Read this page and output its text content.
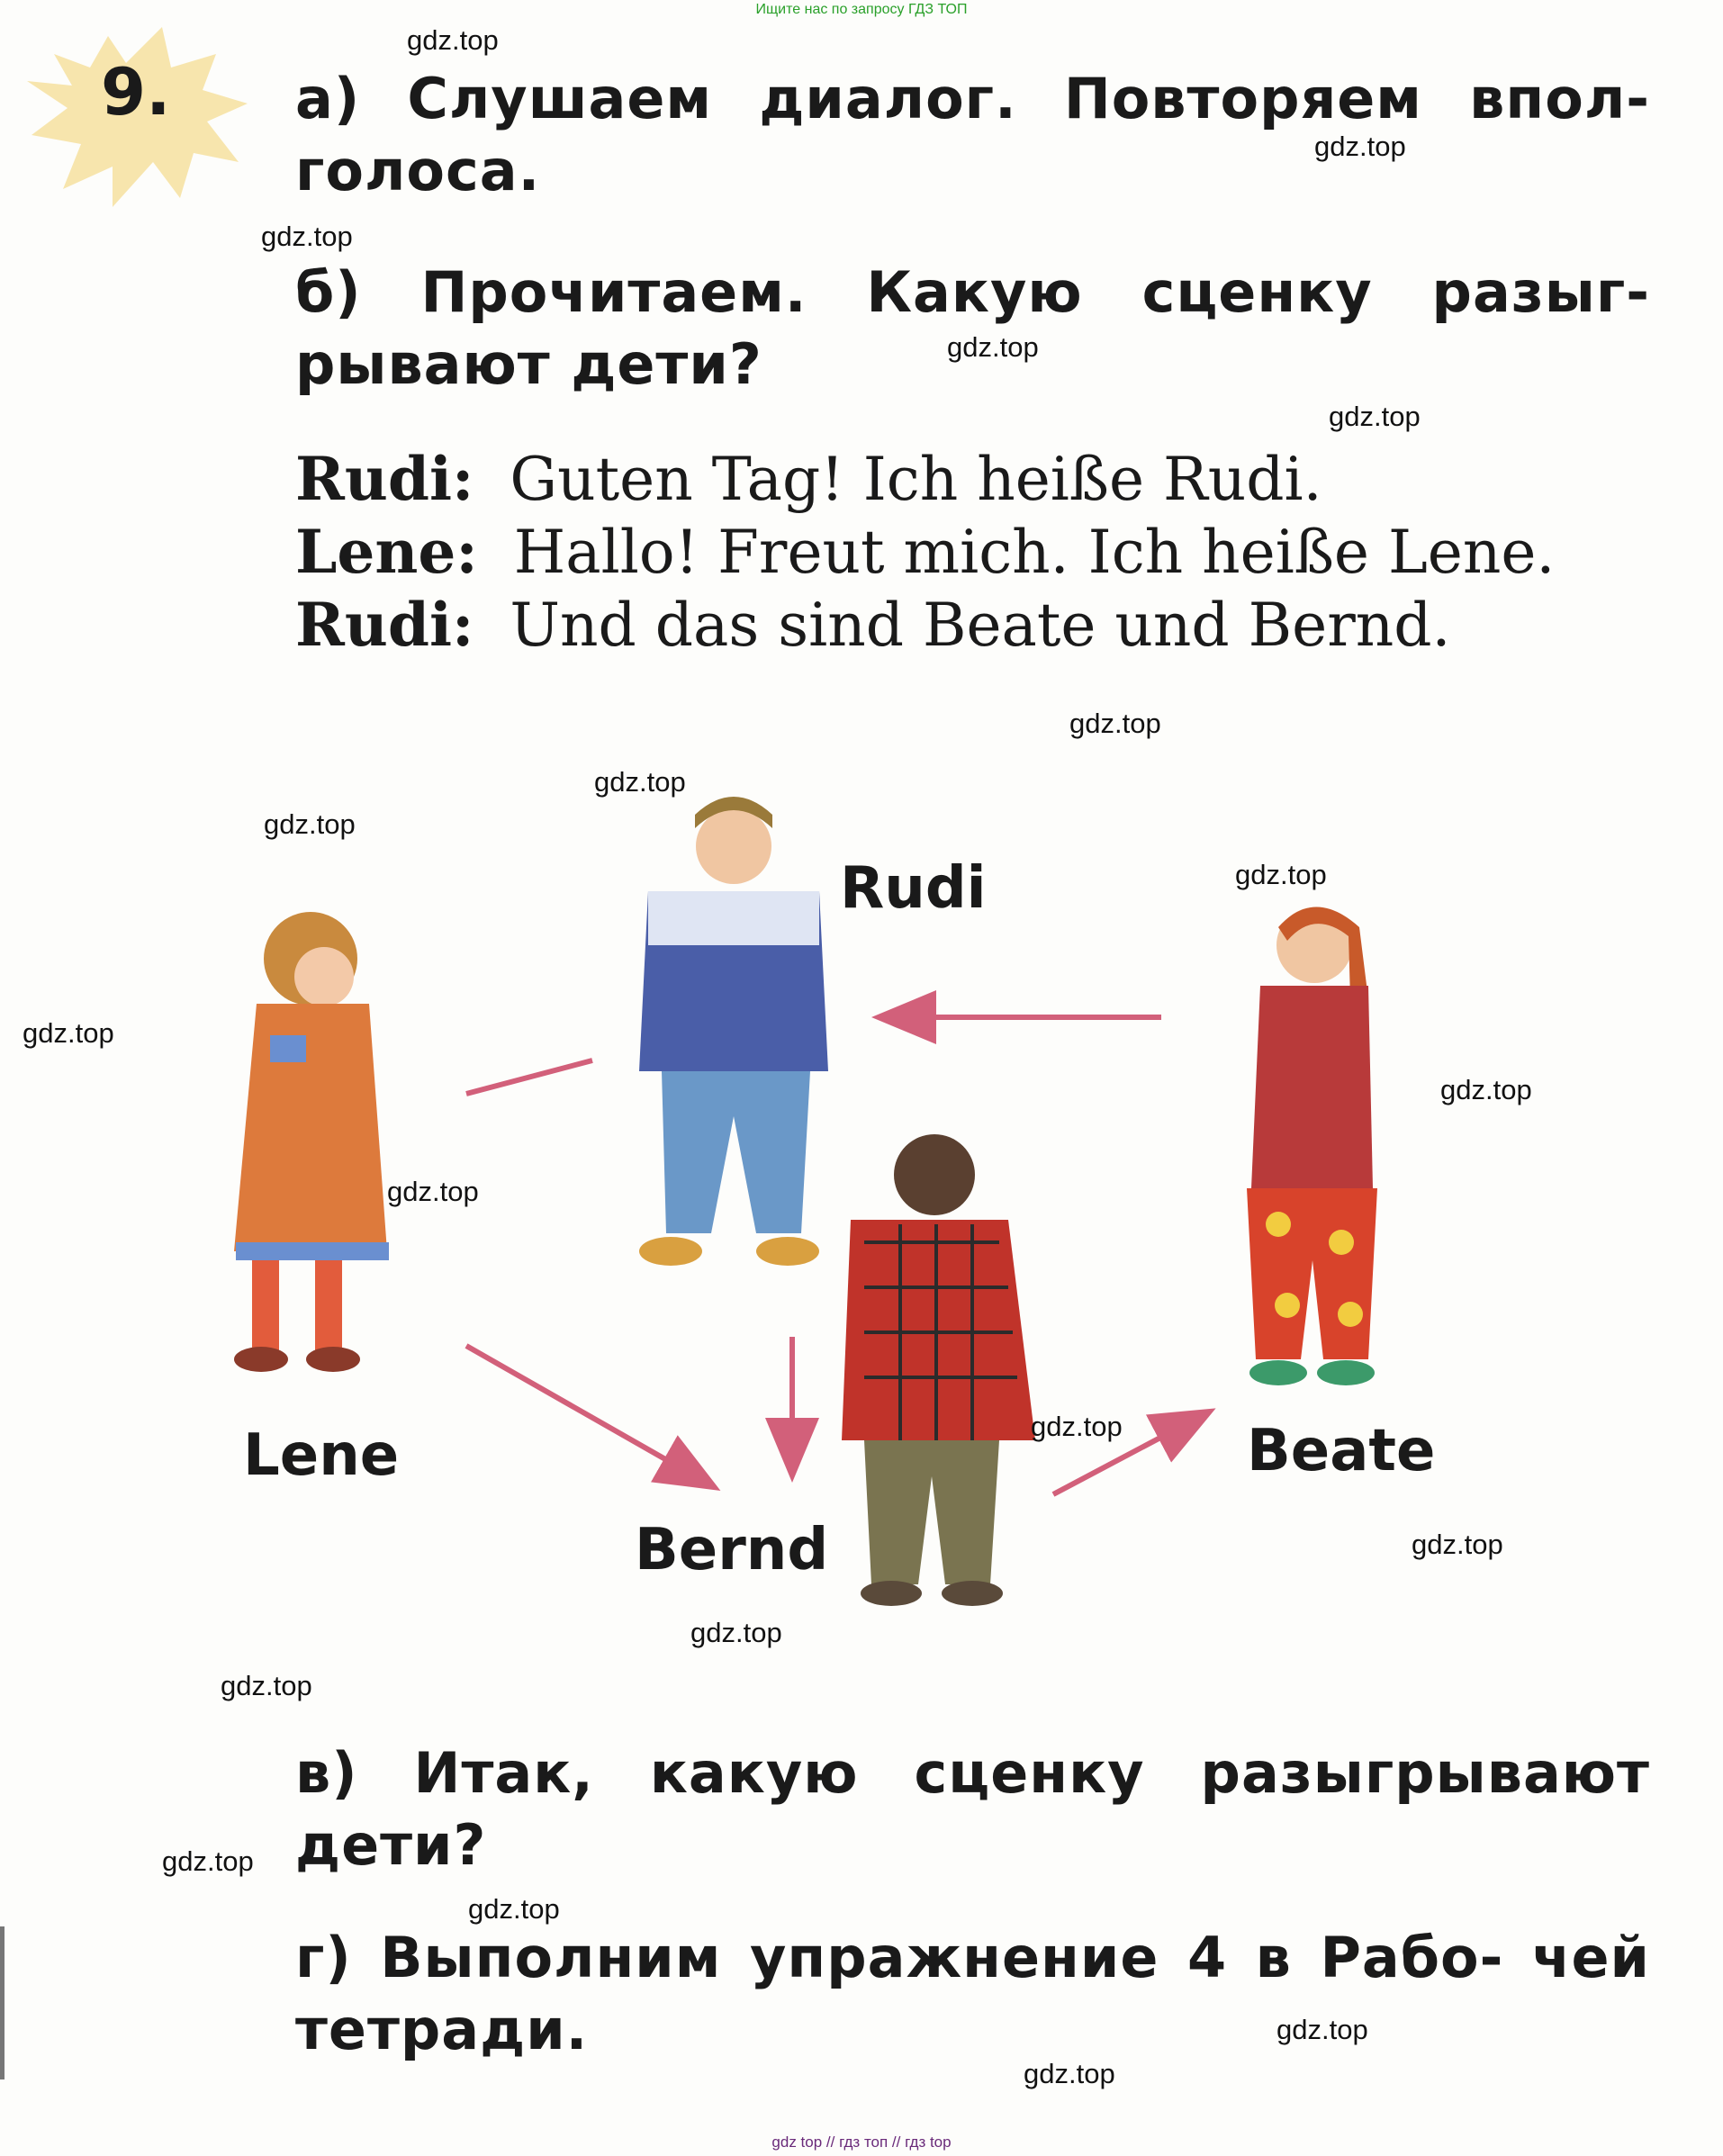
Ищите нас по запросу ГДЗ ТОП
9. а) Слушаем диалог. Повторяем впол- голоса.
б) Прочитаем. Какую сценку разыг- рывают дети?
Rudi: Guten Tag! Ich heiße Rudi.
Lene: Hallo! Freut mich. Ich heiße Lene.
Rudi: Und das sind Beate und Bernd.
Rudi
Lene
Bernd
Beate
в) Итак, какую сценку разыгрывают дети?
г) Выполним упражнение 4 в Рабо- чей тетради.
gdz.top
gdz.top
gdz.top
gdz.top
gdz.top
gdz.top
gdz.top
gdz.top
gdz.top
gdz.top
gdz.top
gdz.top
gdz.top
gdz.top
gdz.top
gdz.top
gdz.top
gdz.top
gdz.top
gdz.top
gdz top // гдз топ // гдз top
